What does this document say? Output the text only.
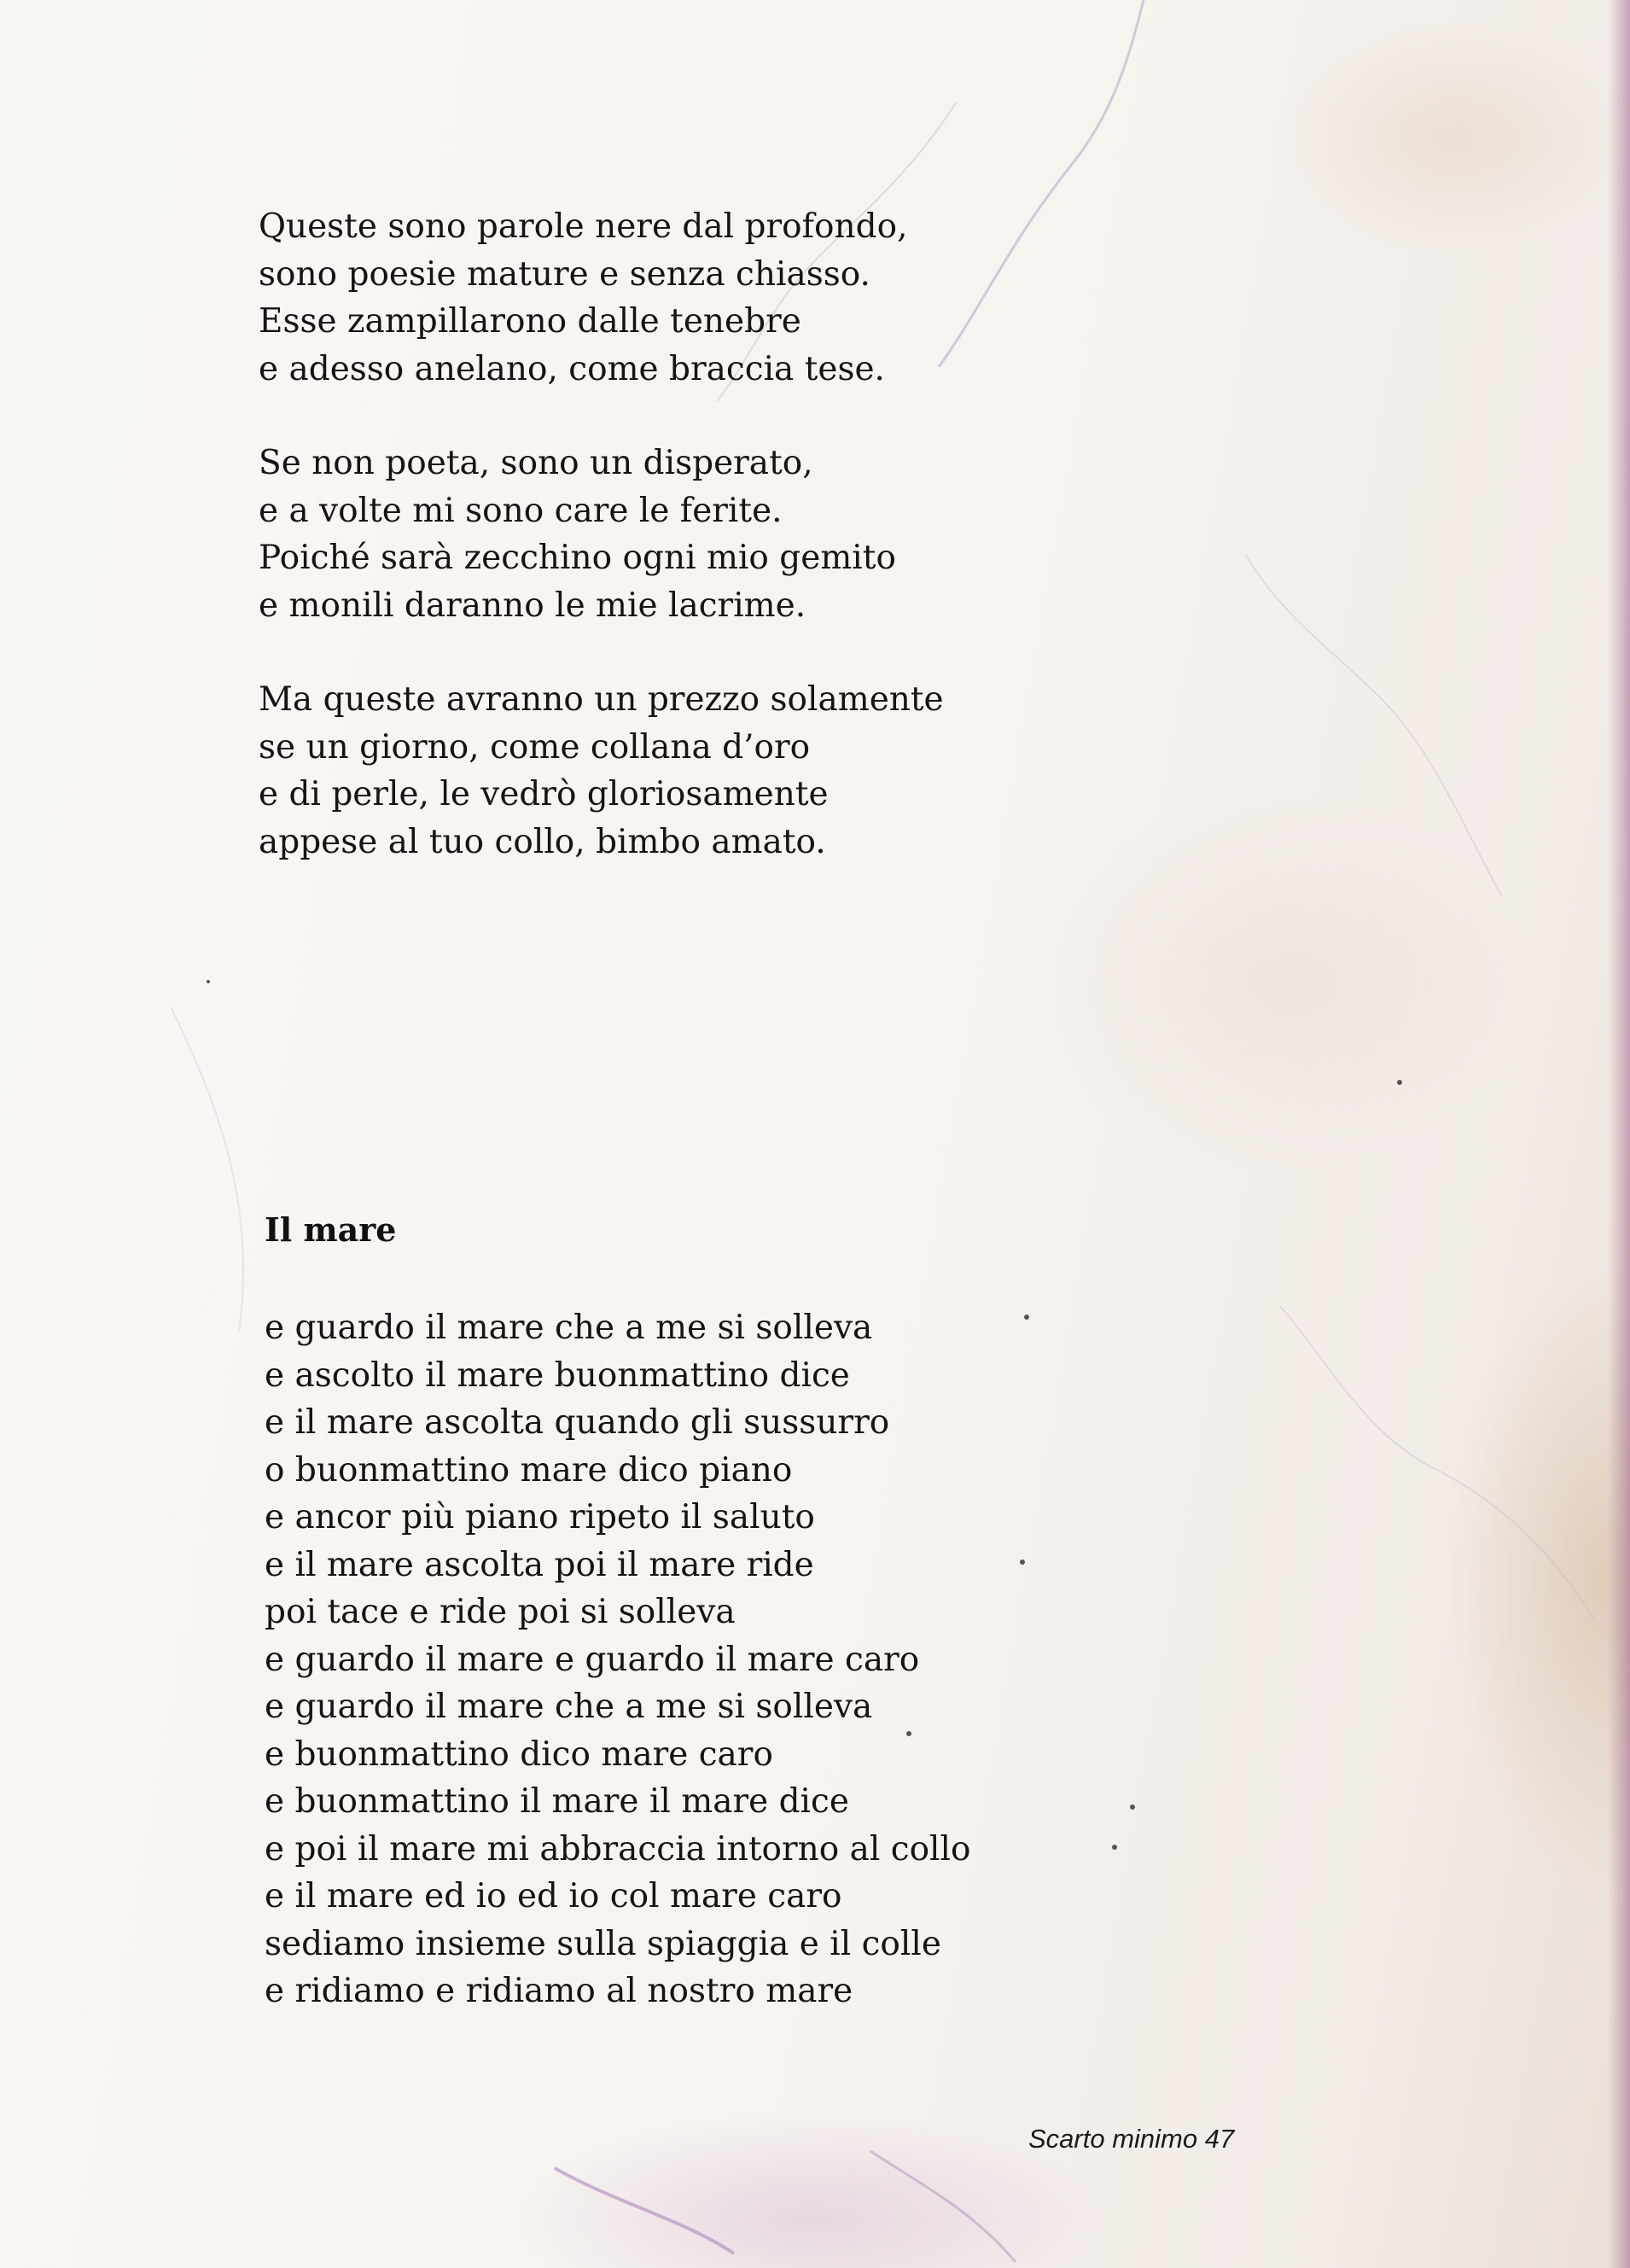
Queste sono parole nere dal profondo,
sono poesie mature e senza chiasso.
Esse zampillarono dalle tenebre
e adesso anelano, come braccia tese.
Se non poeta, sono un disperato,
e a volte mi sono care le ferite.
Poiché sarà zecchino ogni mio gemito
e monili daranno le mie lacrime.
Ma queste avranno un prezzo solamente
se un giorno, come collana d’oro
e di perle, le vedrò gloriosamente
appese al tuo collo, bimbo amato.
Il mare
e guardo il mare che a me si solleva
e ascolto il mare buonmattino dice
e il mare ascolta quando gli sussurro
o buonmattino mare dico piano
e ancor più piano ripeto il saluto
e il mare ascolta poi il mare ride
poi tace e ride poi si solleva
e guardo il mare e guardo il mare caro
e guardo il mare che a me si solleva
e buonmattino dico mare caro
e buonmattino il mare il mare dice
e poi il mare mi abbraccia intorno al collo
e il mare ed io ed io col mare caro
sediamo insieme sulla spiaggia e il colle
e ridiamo e ridiamo al nostro mare
Scarto minimo 47
